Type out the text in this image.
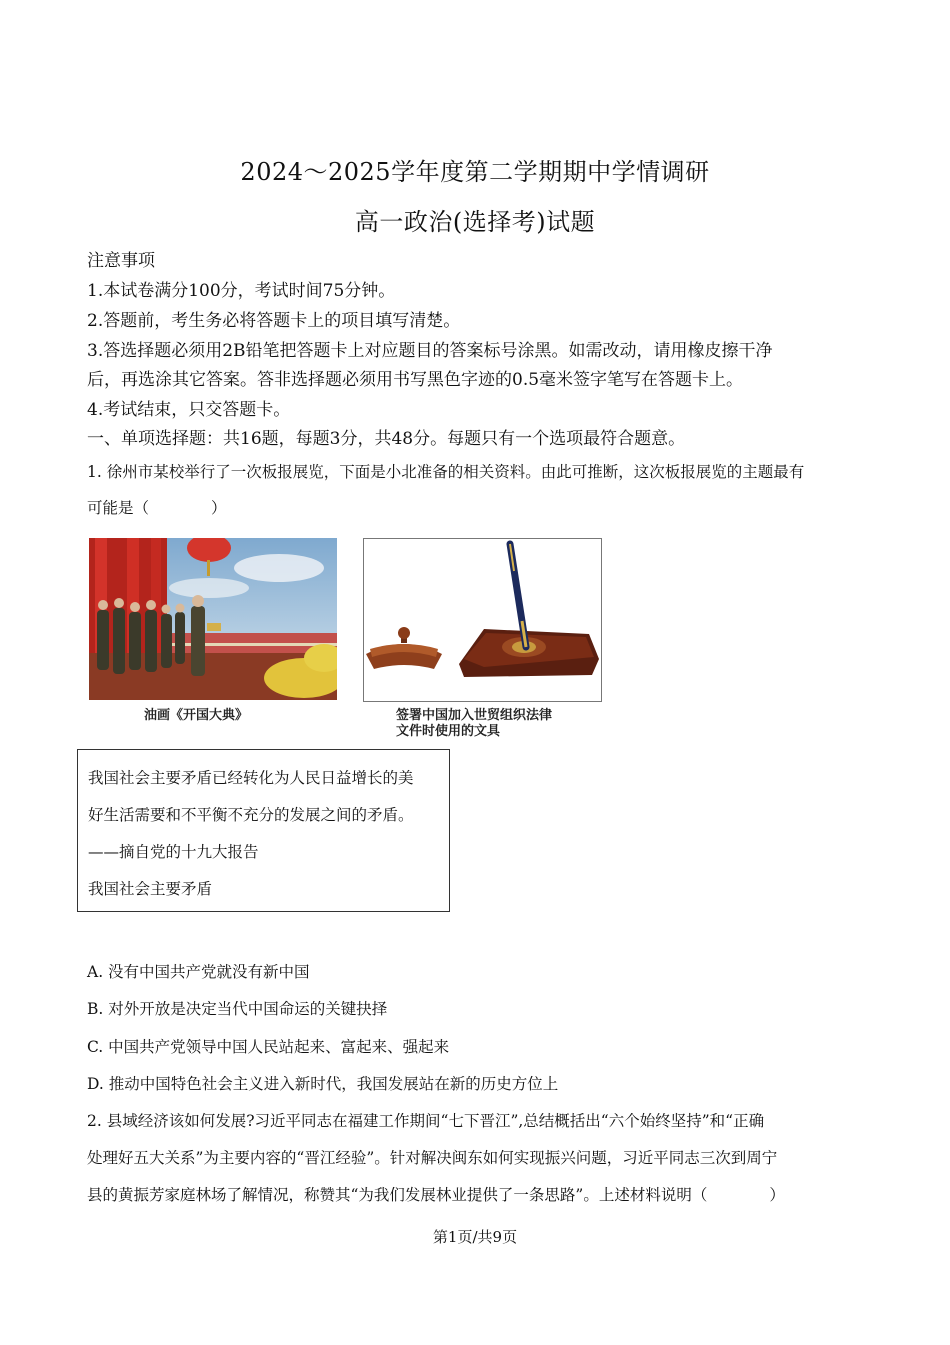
2024～2025学年度第二学期期中学情调研
高一政治(选择考)试题
注意事项
1.本试卷满分100分，考试时间75分钟。
2.答题前，考生务必将答题卡上的项目填写清楚。
3.答选择题必须用2B铅笔把答题卡上对应题目的答案标号涂黑。如需改动，请用橡皮擦干净
后，再选涂其它答案。答非选择题必须用书写黑色字迹的0.5毫米签字笔写在答题卡上。
4.考试结束，只交答题卡。
一、单项选择题：共16题，每题3分，共48分。每题只有一个选项最符合题意。
1. 徐州市某校举行了一次板报展览，下面是小北准备的相关资料。由此可推断，这次板报展览的主题最有
可能是（　　　　）
油画《开国大典》	签署中国加入世贸组织法律
文件时使用的文具
我国社会主要矛盾已经转化为人民日益增长的美
好生活需要和不平衡不充分的发展之间的矛盾。
——摘自党的十九大报告
我国社会主要矛盾
A. 没有中国共产党就没有新中国
B. 对外开放是决定当代中国命运的关键抉择
C. 中国共产党领导中国人民站起来、富起来、强起来
D. 推动中国特色社会主义进入新时代，我国发展站在新的历史方位上
2. 县域经济该如何发展?习近平同志在福建工作期间“七下晋江”,总结概括出“六个始终坚持”和“正确
处理好五大关系”为主要内容的“晋江经验”。针对解决闽东如何实现振兴问题，习近平同志三次到周宁
县的黄振芳家庭林场了解情况，称赞其“为我们发展林业提供了一条思路”。上述材料说明（　　　　）
第1页/共9页
